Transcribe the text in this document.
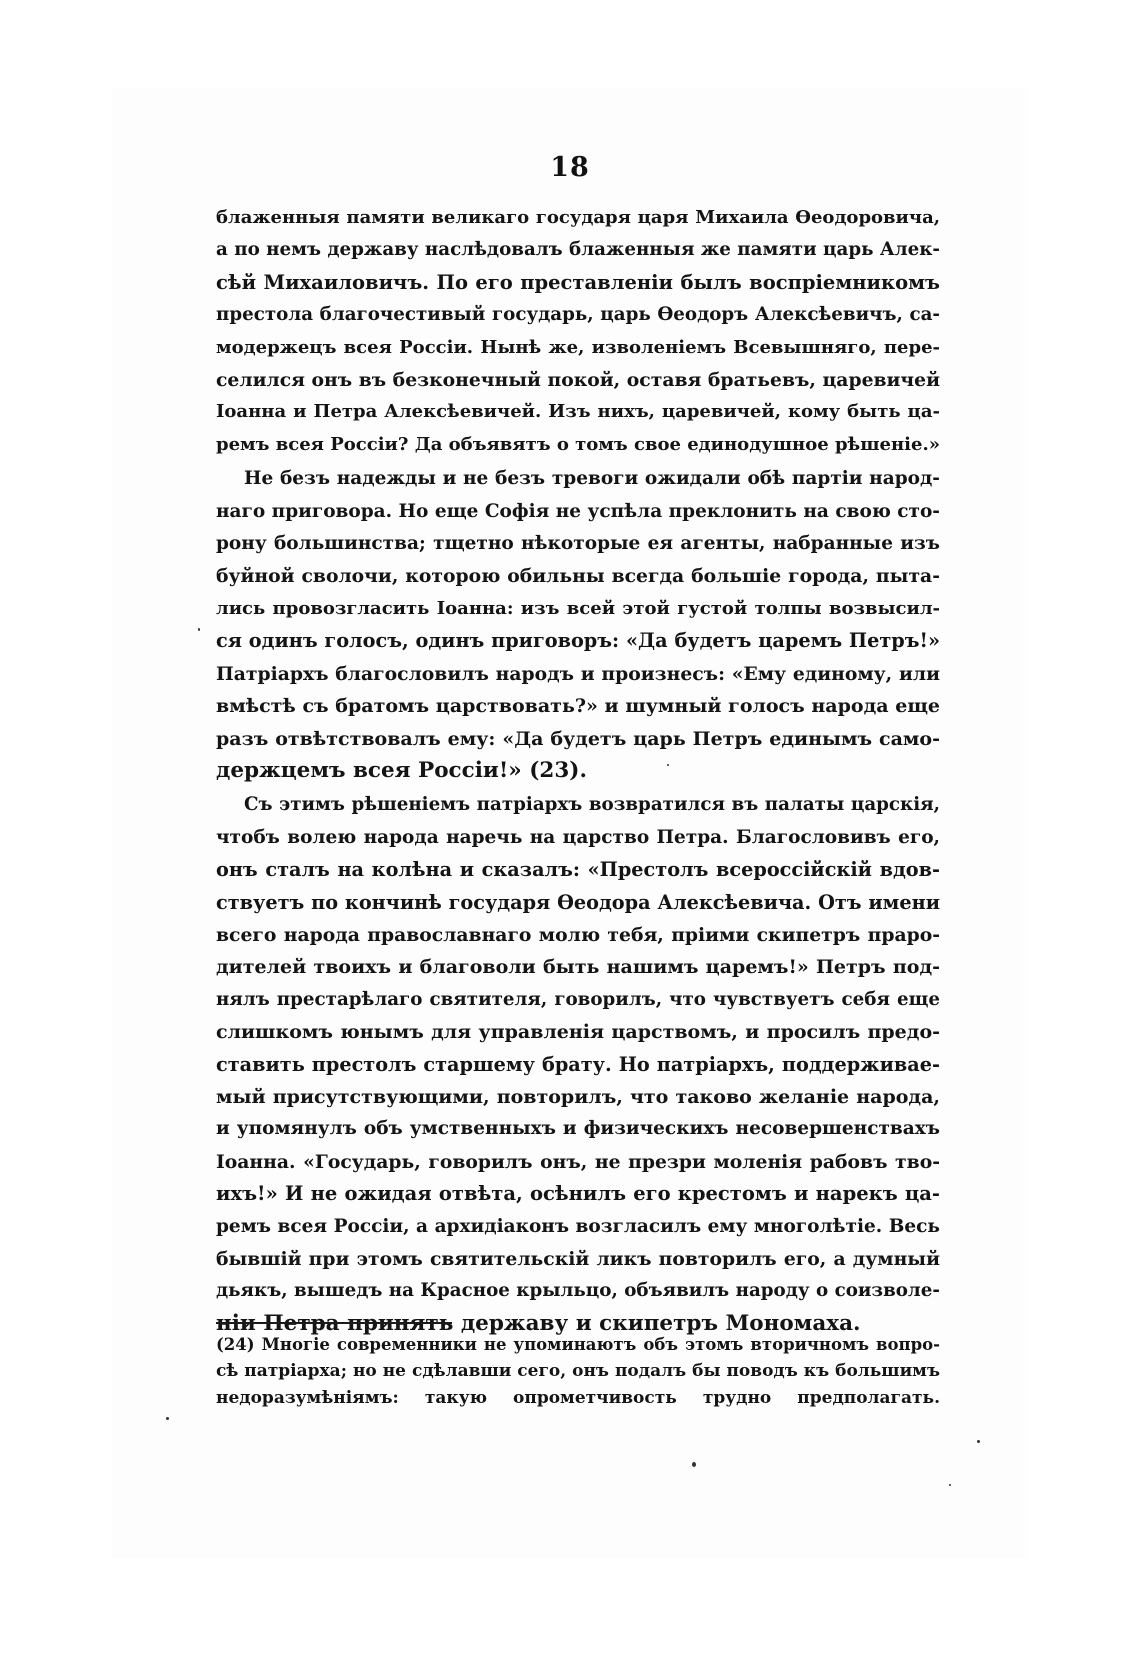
18
блаженныя памяти великаго государя царя Михаила Өеодоровича,
а по немъ державу наслѣдовалъ блаженныя же памяти царь Алек-
сѣй Михаиловичъ. По его преставленіи былъ воспріемникомъ
престола благочестивый государь, царь Өеодоръ Алексѣевичъ, са-
модержецъ всея Россіи. Нынѣ же, изволеніемъ Всевышняго, пере-
селился онъ въ безконечный покой, оставя братьевъ, царевичей
Іоанна и Петра Алексѣевичей. Изъ нихъ, царевичей, кому быть ца-
ремъ всея Россіи? Да объявятъ о томъ свое единодушное рѣшеніе.»
Не безъ надежды и не безъ тревоги ожидали обѣ партіи народ-
наго приговора. Но еще Софія не успѣла преклонить на свою сто-
рону большинства; тщетно нѣкоторые ея агенты, набранные изъ
буйной сволочи, которою обильны всегда большіе города, пыта-
лись провозгласить Іоанна: изъ всей этой густой толпы возвысил-
ся одинъ голосъ, одинъ приговоръ: «Да будетъ царемъ Петръ!»
Патріархъ благословилъ народъ и произнесъ: «Ему единому, или
вмѣстѣ съ братомъ царствовать?» и шумный голосъ народа еще
разъ отвѣтствовалъ ему: «Да будетъ царь Петръ единымъ само-
держцемъ всея Россіи!» (23).
Съ этимъ рѣшеніемъ патріархъ возвратился въ палаты царскія,
чтобъ волею народа наречь на царство Петра. Благословивъ его,
онъ сталъ на колѣна и сказалъ: «Престолъ всероссійскій вдов-
ствуетъ по кончинѣ государя Өеодора Алексѣевича. Отъ имени
всего народа православнаго молю тебя, пріими скипетръ праро-
дителей твоихъ и благоволи быть нашимъ царемъ!» Петръ под-
нялъ престарѣлаго святителя, говорилъ, что чувствуетъ себя еще
слишкомъ юнымъ для управленія царствомъ, и просилъ предо-
ставить престолъ старшему брату. Но патріархъ, поддерживае-
мый присутствующими, повторилъ, что таково желаніе народа,
и упомянулъ объ умственныхъ и физическихъ несовершенствахъ
Іоанна. «Государь, говорилъ онъ, не презри моленія рабовъ тво-
ихъ!» И не ожидая отвѣта, осѣнилъ его крестомъ и нарекъ ца-
ремъ всея Россіи, а архидіаконъ возгласилъ ему многолѣтіе. Весь
бывшій при этомъ святительскій ликъ повторилъ его, а думный
дьякъ, вышедъ на Красное крыльцо, объявилъ народу о соизволе-
ніи Петра принять державу и скипетръ Мономаха.
(24) Многіе современники не упоминаютъ объ этомъ вторичномъ вопро-
сѣ патріарха; но не сдѣлавши сего, онъ подалъ бы поводъ къ большимъ
недоразумѣніямъ: такую опрометчивость трудно предполагать.
